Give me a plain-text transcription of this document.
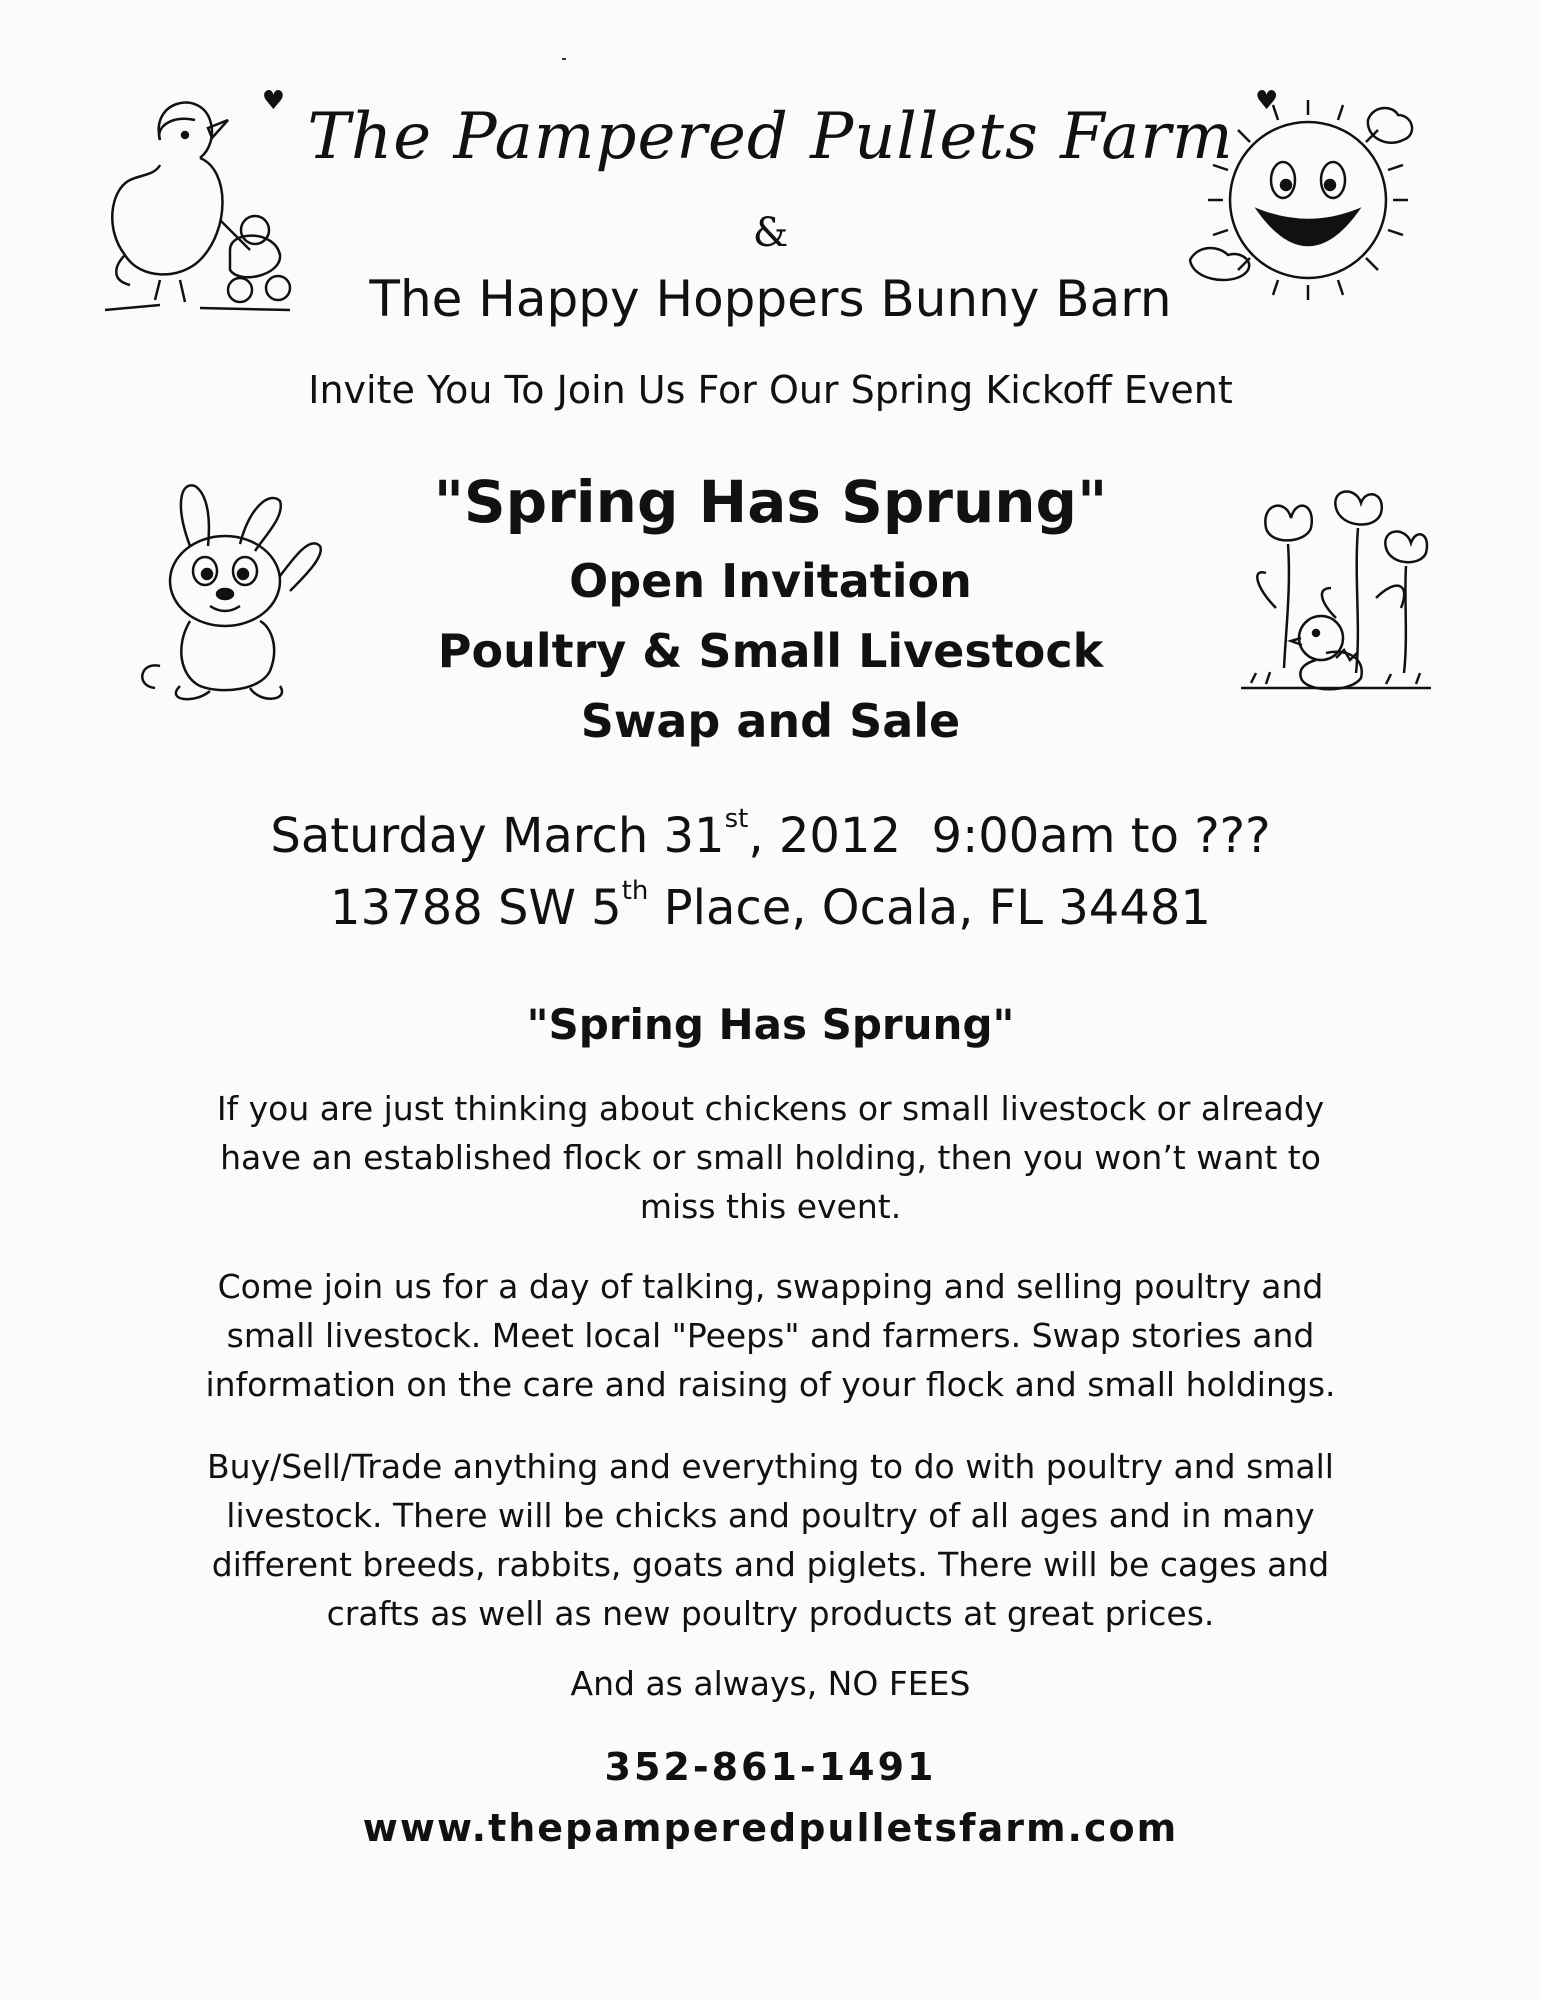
♥ The Pampered Pullets Farm ♥
&
The Happy Hoppers Bunny Barn
Invite You To Join Us For Our Spring Kickoff Event
"Spring Has Sprung"
Open Invitation
Poultry & Small Livestock
Swap and Sale
Saturday March 31st, 2012  9:00am to ???
13788 SW 5th Place, Ocala, FL 34481
"Spring Has Sprung"
If you are just thinking about chickens or small livestock or already have an established flock or small holding, then you won’t want to miss this event.
Come join us for a day of talking, swapping and selling poultry and small livestock. Meet local "Peeps" and farmers. Swap stories and information on the care and raising of your flock and small holdings.
Buy/Sell/Trade anything and everything to do with poultry and small livestock. There will be chicks and poultry of all ages and in many different breeds, rabbits, goats and piglets. There will be cages and crafts as well as new poultry products at great prices.
And as always, NO FEES
352-861-1491
www.thepamperedpulletsfarm.com
